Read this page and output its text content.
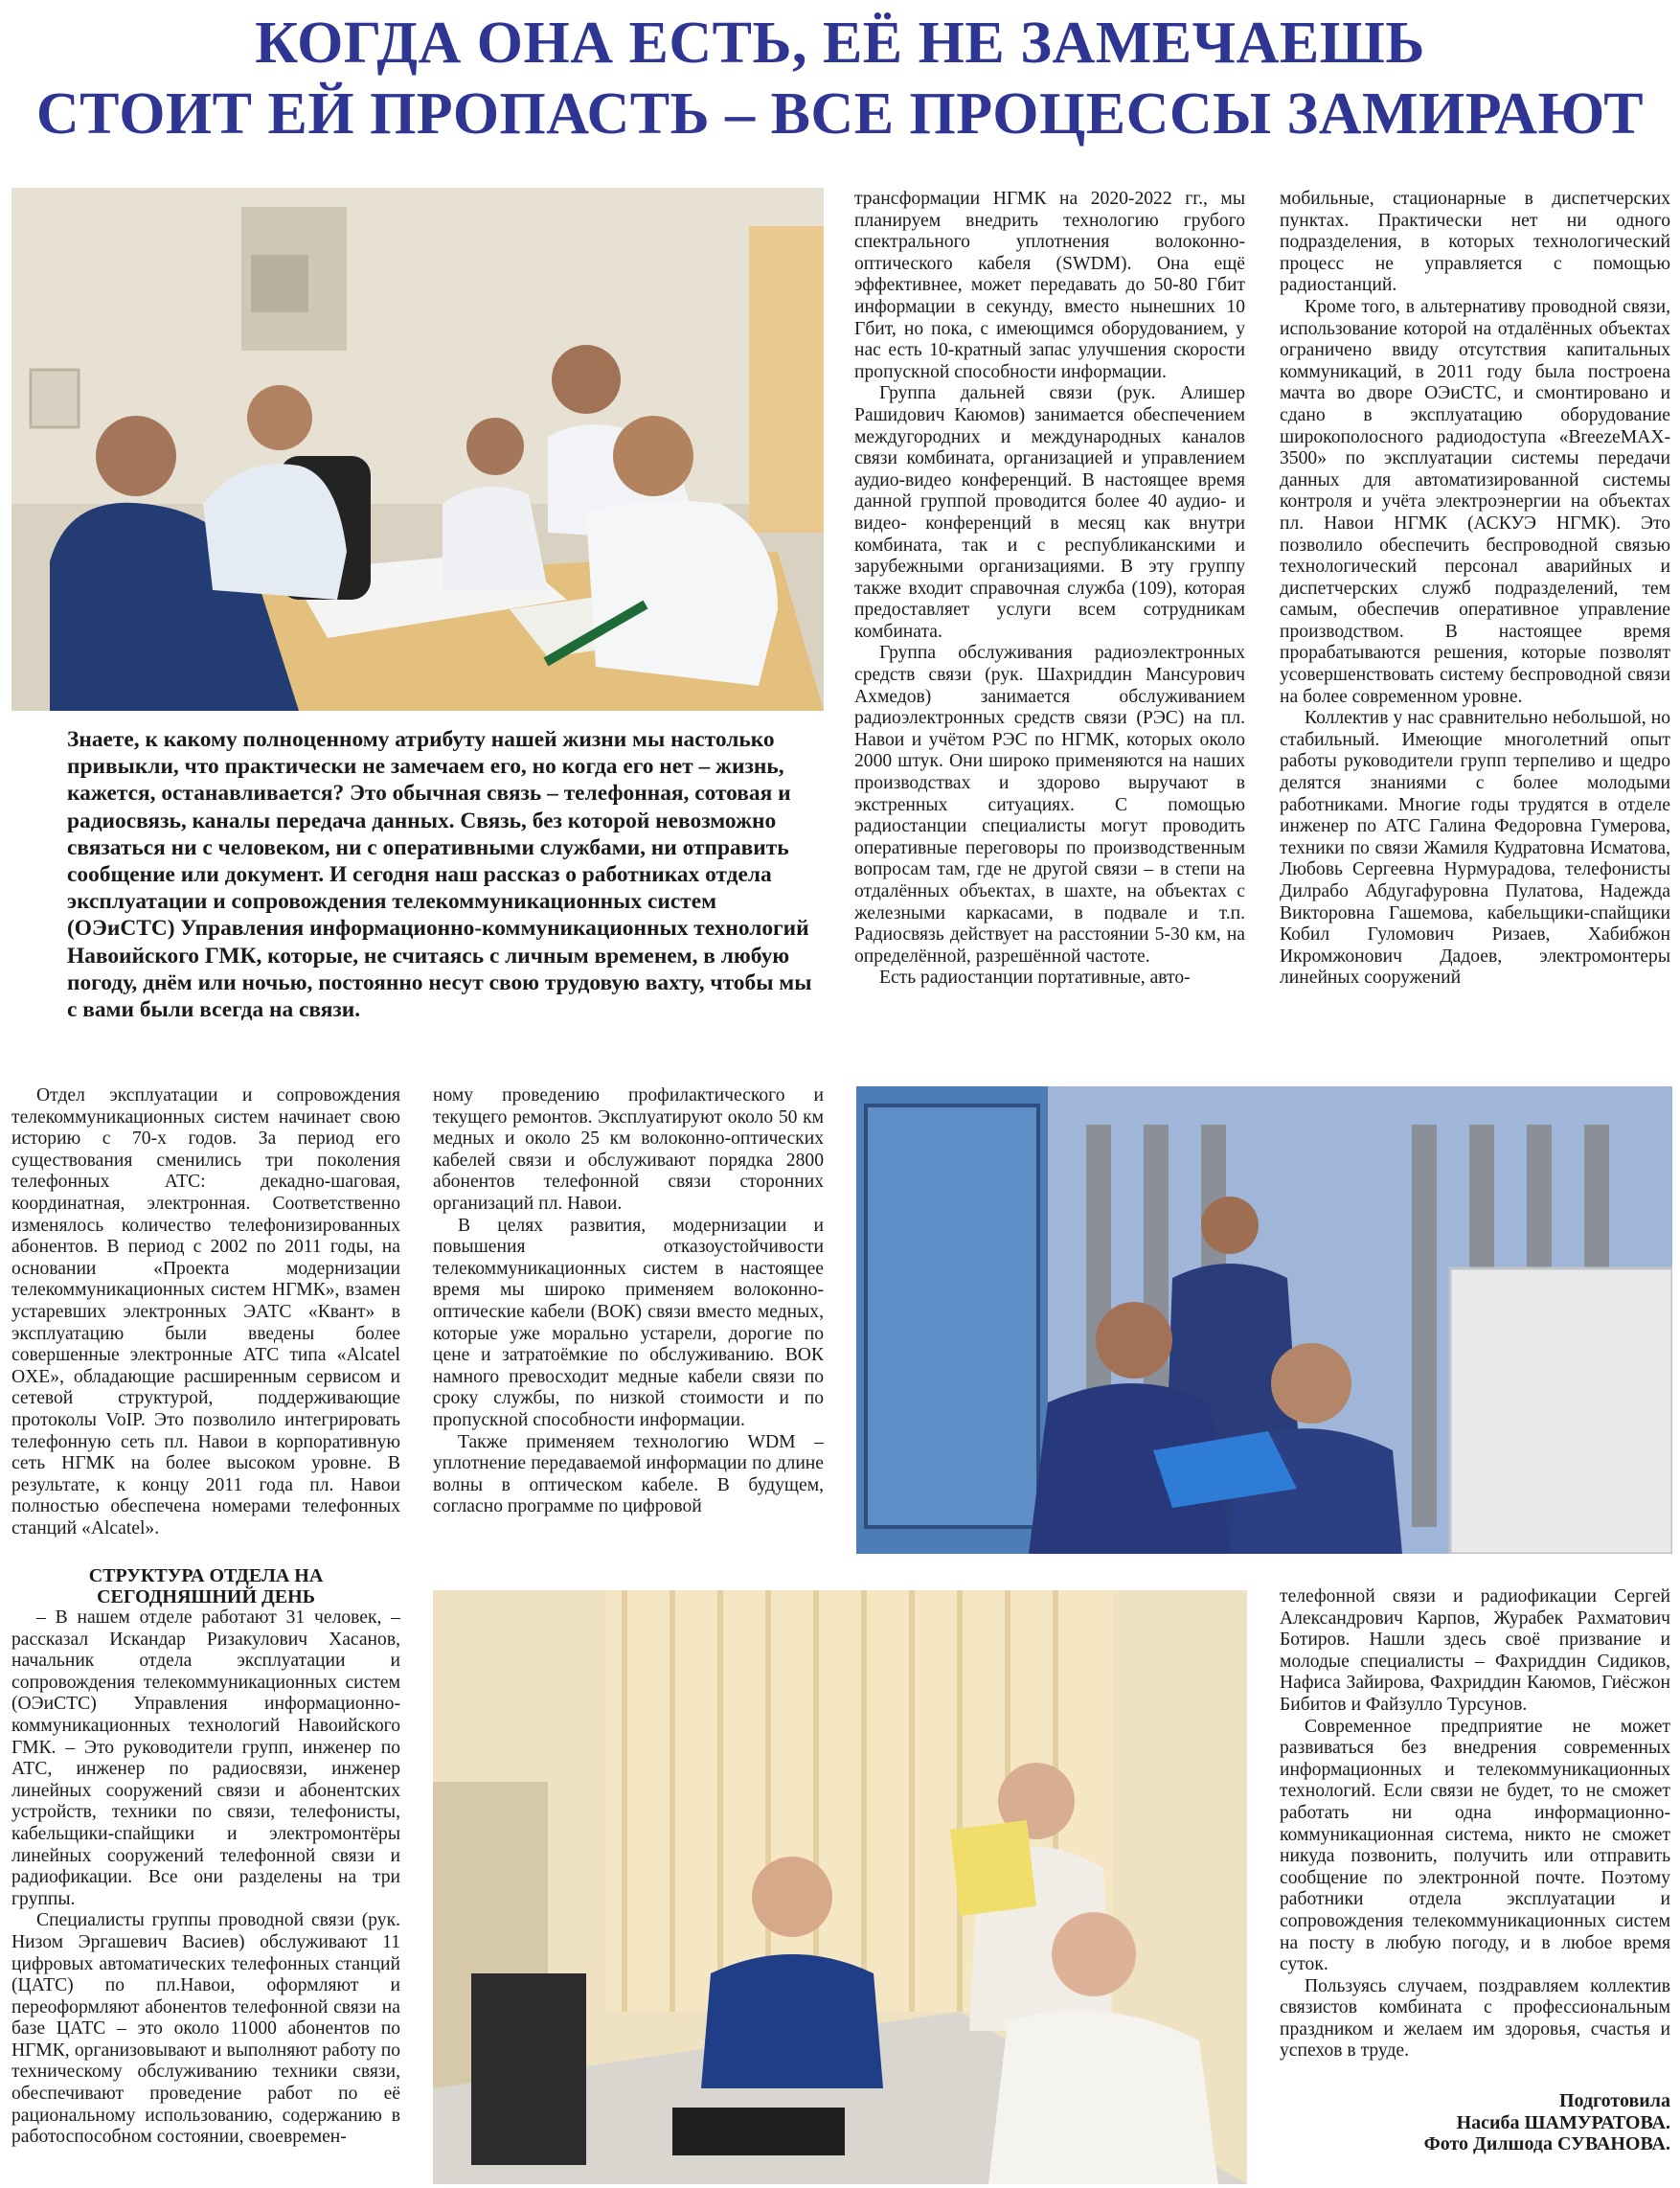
КОГДА ОНА ЕСТЬ, ЕЁ НЕ ЗАМЕЧАЕШЬ
СТОИТ ЕЙ ПРОПАСТЬ – ВСЕ ПРОЦЕССЫ ЗАМИРАЮТ
Знаете, к какому полноценному атрибуту нашей жизни мы настолько привыкли, что практически не замечаем его, но когда его нет – жизнь, кажется, останавливается? Это обычная связь – телефонная, сотовая и радиосвязь, каналы передача данных. Связь, без которой невозможно связаться ни с человеком, ни с оперативными службами, ни отправить сообщение или документ. И сегодня наш рассказ о работниках отдела эксплуатации и сопровождения телекоммуникационных систем (ОЭиСТС) Управления информационно-коммуникационных технологий Навоийского ГМК, которые, не считаясь с личным временем, в любую погоду, днём или ночью, постоянно несут свою трудовую вахту, чтобы мы с вами были всегда на связи.

трансформации НГМК на 2020-2022 гг., мы планируем внедрить технологию грубого спектрального уплотнения волоконно-оптического кабеля (SWDM). Она ещё эффективнее, может передавать до 50-80 Гбит информации в секунду, вместо нынешних 10 Гбит, но пока, с имеющимся оборудованием, у нас есть 10-кратный запас улучшения скорости пропускной способности информации.

Группа дальней связи (рук. Алишер Рашидович Каюмов) занимается обеспечением междугородних и международных каналов связи комбината, организацией и управлением аудио-видео конференций. В настоящее время данной группой проводится более 40 аудио- и видео- конференций в месяц как внутри комбината, так и с республиканскими и зарубежными организациями. В эту группу также входит справочная служба (109), которая предоставляет услуги всем сотрудникам комбината.

Группа обслуживания радиоэлектронных средств связи (рук. Шахриддин Мансурович Ахмедов) занимается обслуживанием радиоэлектронных средств связи (РЭС) на пл. Навои и учётом РЭС по НГМК, которых около 2000 штук. Они широко применяются на наших производствах и здорово выручают в экстренных ситуациях. С помощью радиостанции специалисты могут проводить оперативные переговоры по производственным вопросам там, где не другой связи – в степи на отдалённых объектах, в шахте, на объектах с железными каркасами, в подвале и т.п. Радиосвязь действует на расстоянии 5-30 км, на определённой, разрешённой частоте.

Есть радиостанции портативные, авто-

мобильные, стационарные в диспетчерских пунктах. Практически нет ни одного подразделения, в которых технологический процесс не управляется с помощью радиостанций.

Кроме того, в альтернативу проводной связи, использование которой на отдалённых объектах ограничено ввиду отсутствия капитальных коммуникаций, в 2011 году была построена мачта во дворе ОЭиСТС, и смонтировано и сдано в эксплуатацию оборудование широкополосного радиодоступа «BreezeMAX-3500» по эксплуатации системы передачи данных для автоматизированной системы контроля и учёта электроэнергии на объектах пл. Навои НГМК (АСКУЭ НГМК). Это позволило обеспечить беспроводной связью технологический персонал аварийных и диспетчерских служб подразделений, тем самым, обеспечив оперативное управление производством. В настоящее время прорабатываются решения, которые позволят усовершенствовать систему беспроводной связи на более современном уровне.

Коллектив у нас сравнительно небольшой, но стабильный. Имеющие многолетний опыт работы руководители групп терпеливо и щедро делятся знаниями с более молодыми работниками. Многие годы трудятся в отделе инженер по АТС Галина Федоровна Гумерова, техники по связи Жамиля Кудратовна Исматова, Любовь Сергеевна Нурмурадова, телефонисты Дилрабо Абдугафуровна Пулатова, Надежда Викторовна Гашемова, кабельщики-спайщики Кобил Гуломович Ризаев, Хабибжон Икромжонович Дадоев, электромонтеры линейных сооружений

Отдел эксплуатации и сопровождения телекоммуникационных систем начинает свою историю с 70-х годов. За период его существования сменились три поколения телефонных АТС: декадно-шаговая, координатная, электронная. Соответственно изменялось количество телефонизированных абонентов. В период с 2002 по 2011 годы, на основании «Проекта модернизации телекоммуникационных систем НГМК», взамен устаревших электронных ЭАТС «Квант» в эксплуатацию были введены более совершенные электронные АТС типа «Alcatel OXE», обладающие расширенным сервисом и сетевой структурой, поддерживающие протоколы VoIP. Это позволило интегрировать телефонную сеть пл. Навои в корпоративную сеть НГМК на более высоком уровне. В результате, к концу 2011 года пл. Навои полностью обеспечена номерами телефонных станций «Alcatel».

ному проведению профилактического и текущего ремонтов. Эксплуатируют около 50 км медных и около 25 км волоконно-оптических кабелей связи и обслуживают порядка 2800 абонентов телефонной связи сторонних организаций пл. Навои.

В целях развития, модернизации и повышения отказоустойчивости телекоммуникационных систем в настоящее время мы широко применяем волоконно-оптические кабели (ВОК) связи вместо медных, которые уже морально устарели, дорогие по цене и затратоёмкие по обслуживанию. ВОК намного превосходит медные кабели связи по сроку службы, по низкой стоимости и по пропускной способности информации.

Также применяем технологию WDM – уплотнение передаваемой информации по длине волны в оптическом кабеле. В будущем, согласно программе по цифровой

СТРУКТУРА ОТДЕЛА НА СЕГОДНЯШНИЙ ДЕНЬ

– В нашем отделе работают 31 человек, – рассказал Искандар Ризакулович Хасанов, начальник отдела эксплуатации и сопровождения телекоммуникационных систем (ОЭиСТС) Управления информационно-коммуникационных технологий Навоийского ГМК. – Это руководители групп, инженер по АТС, инженер по радиосвязи, инженер линейных сооружений связи и абонентских устройств, техники по связи, телефонисты, кабельщики-спайщики и электромонтёры линейных сооружений телефонной связи и радиофикации. Все они разделены на три группы.

Специалисты группы проводной связи (рук. Низом Эргашевич Васиев) обслуживают 11 цифровых автоматических телефонных станций (ЦАТС) по пл.Навои, оформляют и переоформляют абонентов телефонной связи на базе ЦАТС – это около 11000 абонентов по НГМК, организовывают и выполняют работу по техническому обслуживанию техники связи, обеспечивают проведение работ по её рациональному использованию, содержанию в работоспособном состоянии, своевремен-

телефонной связи и радиофикации Сергей Александрович Карпов, Журабек Рахматович Ботиров. Нашли здесь своё призвание и молодые специалисты – Фахриддин Сидиков, Нафиса Зайирова, Фахриддин Каюмов, Гиёсжон Бибитов и Файзулло Турсунов.

Современное предприятие не может развиваться без внедрения современных информационных и телекоммуникационных технологий. Если связи не будет, то не сможет работать ни одна информационно-коммуникационная система, никто не сможет никуда позвонить, получить или отправить сообщение по электронной почте. Поэтому работники отдела эксплуатации и сопровождения телекоммуникационных систем на посту в любую погоду, и в любое время суток.

Пользуясь случаем, поздравляем коллектив связистов комбината с профессиональным праздником и желаем им здоровья, счастья и успехов в труде.

Подготовила
Насиба ШАМУРАТОВА.
Фото Дилшода СУВАНОВА.
